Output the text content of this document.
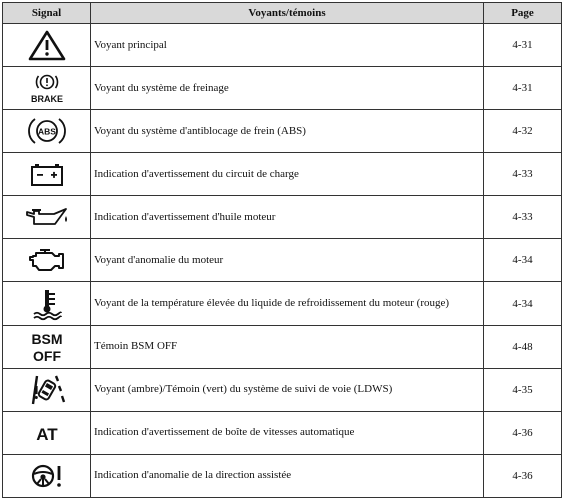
Signal	Voyants/témoins	Page
	Voyant principal	4-31

BRAKE	Voyant du système de freinage	4-31

ABS	Voyant du système d'antiblocage de frein (ABS)	4-32
	Indication d'avertissement du circuit de charge	4-33
	Indication d'avertissement d'huile moteur	4-33
	Voyant d'anomalie du moteur	4-34
	Voyant de la température élevée du liquide de refroidissement du moteur (rouge)	4-34

BSM
OFF	Témoin BSM OFF	4-48
	Voyant (ambre)/Témoin (vert) du système de suivi de voie (LDWS)	4-35

AT	Indication d'avertissement de boîte de vitesses automatique	4-36
	Indication d'anomalie de la direction assistée	4-36
